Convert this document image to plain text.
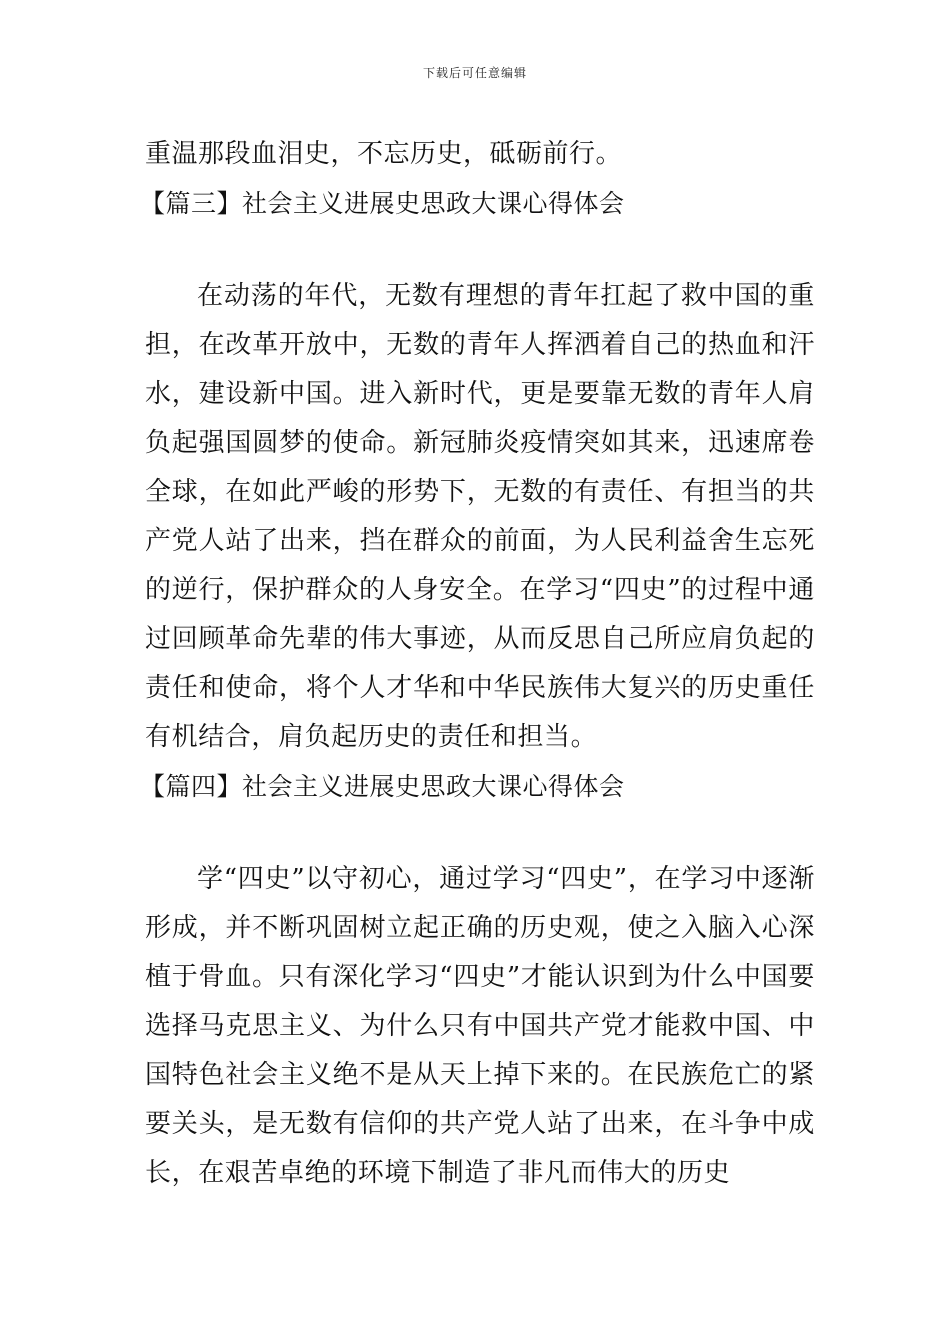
下载后可任意编辑
重温那段血泪史，不忘历史，砥砺前行。
【篇三】社会主义进展史思政大课心得体会
在动荡的年代，无数有理想的青年扛起了救中国的重担，在改革开放中，无数的青年人挥洒着自己的热血和汗水，建设新中国。进入新时代，更是要靠无数的青年人肩负起强国圆梦的使命。新冠肺炎疫情突如其来，迅速席卷全球，在如此严峻的形势下，无数的有责任、有担当的共产党人站了出来，挡在群众的前面，为人民利益舍生忘死的逆行，保护群众的人身安全。在学习“四史”的过程中通过回顾革命先辈的伟大事迹，从而反思自己所应肩负起的责任和使命，将个人才华和中华民族伟大复兴的历史重任有机结合，肩负起历史的责任和担当。
【篇四】社会主义进展史思政大课心得体会
学“四史”以守初心，通过学习“四史”，在学习中逐渐形成，并不断巩固树立起正确的历史观，使之入脑入心深植于骨血。只有深化学习“四史”才能认识到为什么中国要选择马克思主义、为什么只有中国共产党才能救中国、中国特色社会主义绝不是从天上掉下来的。在民族危亡的紧要关头，是无数有信仰的共产党人站了出来，在斗争中成长，在艰苦卓绝的环境下制造了非凡而伟大的历史
